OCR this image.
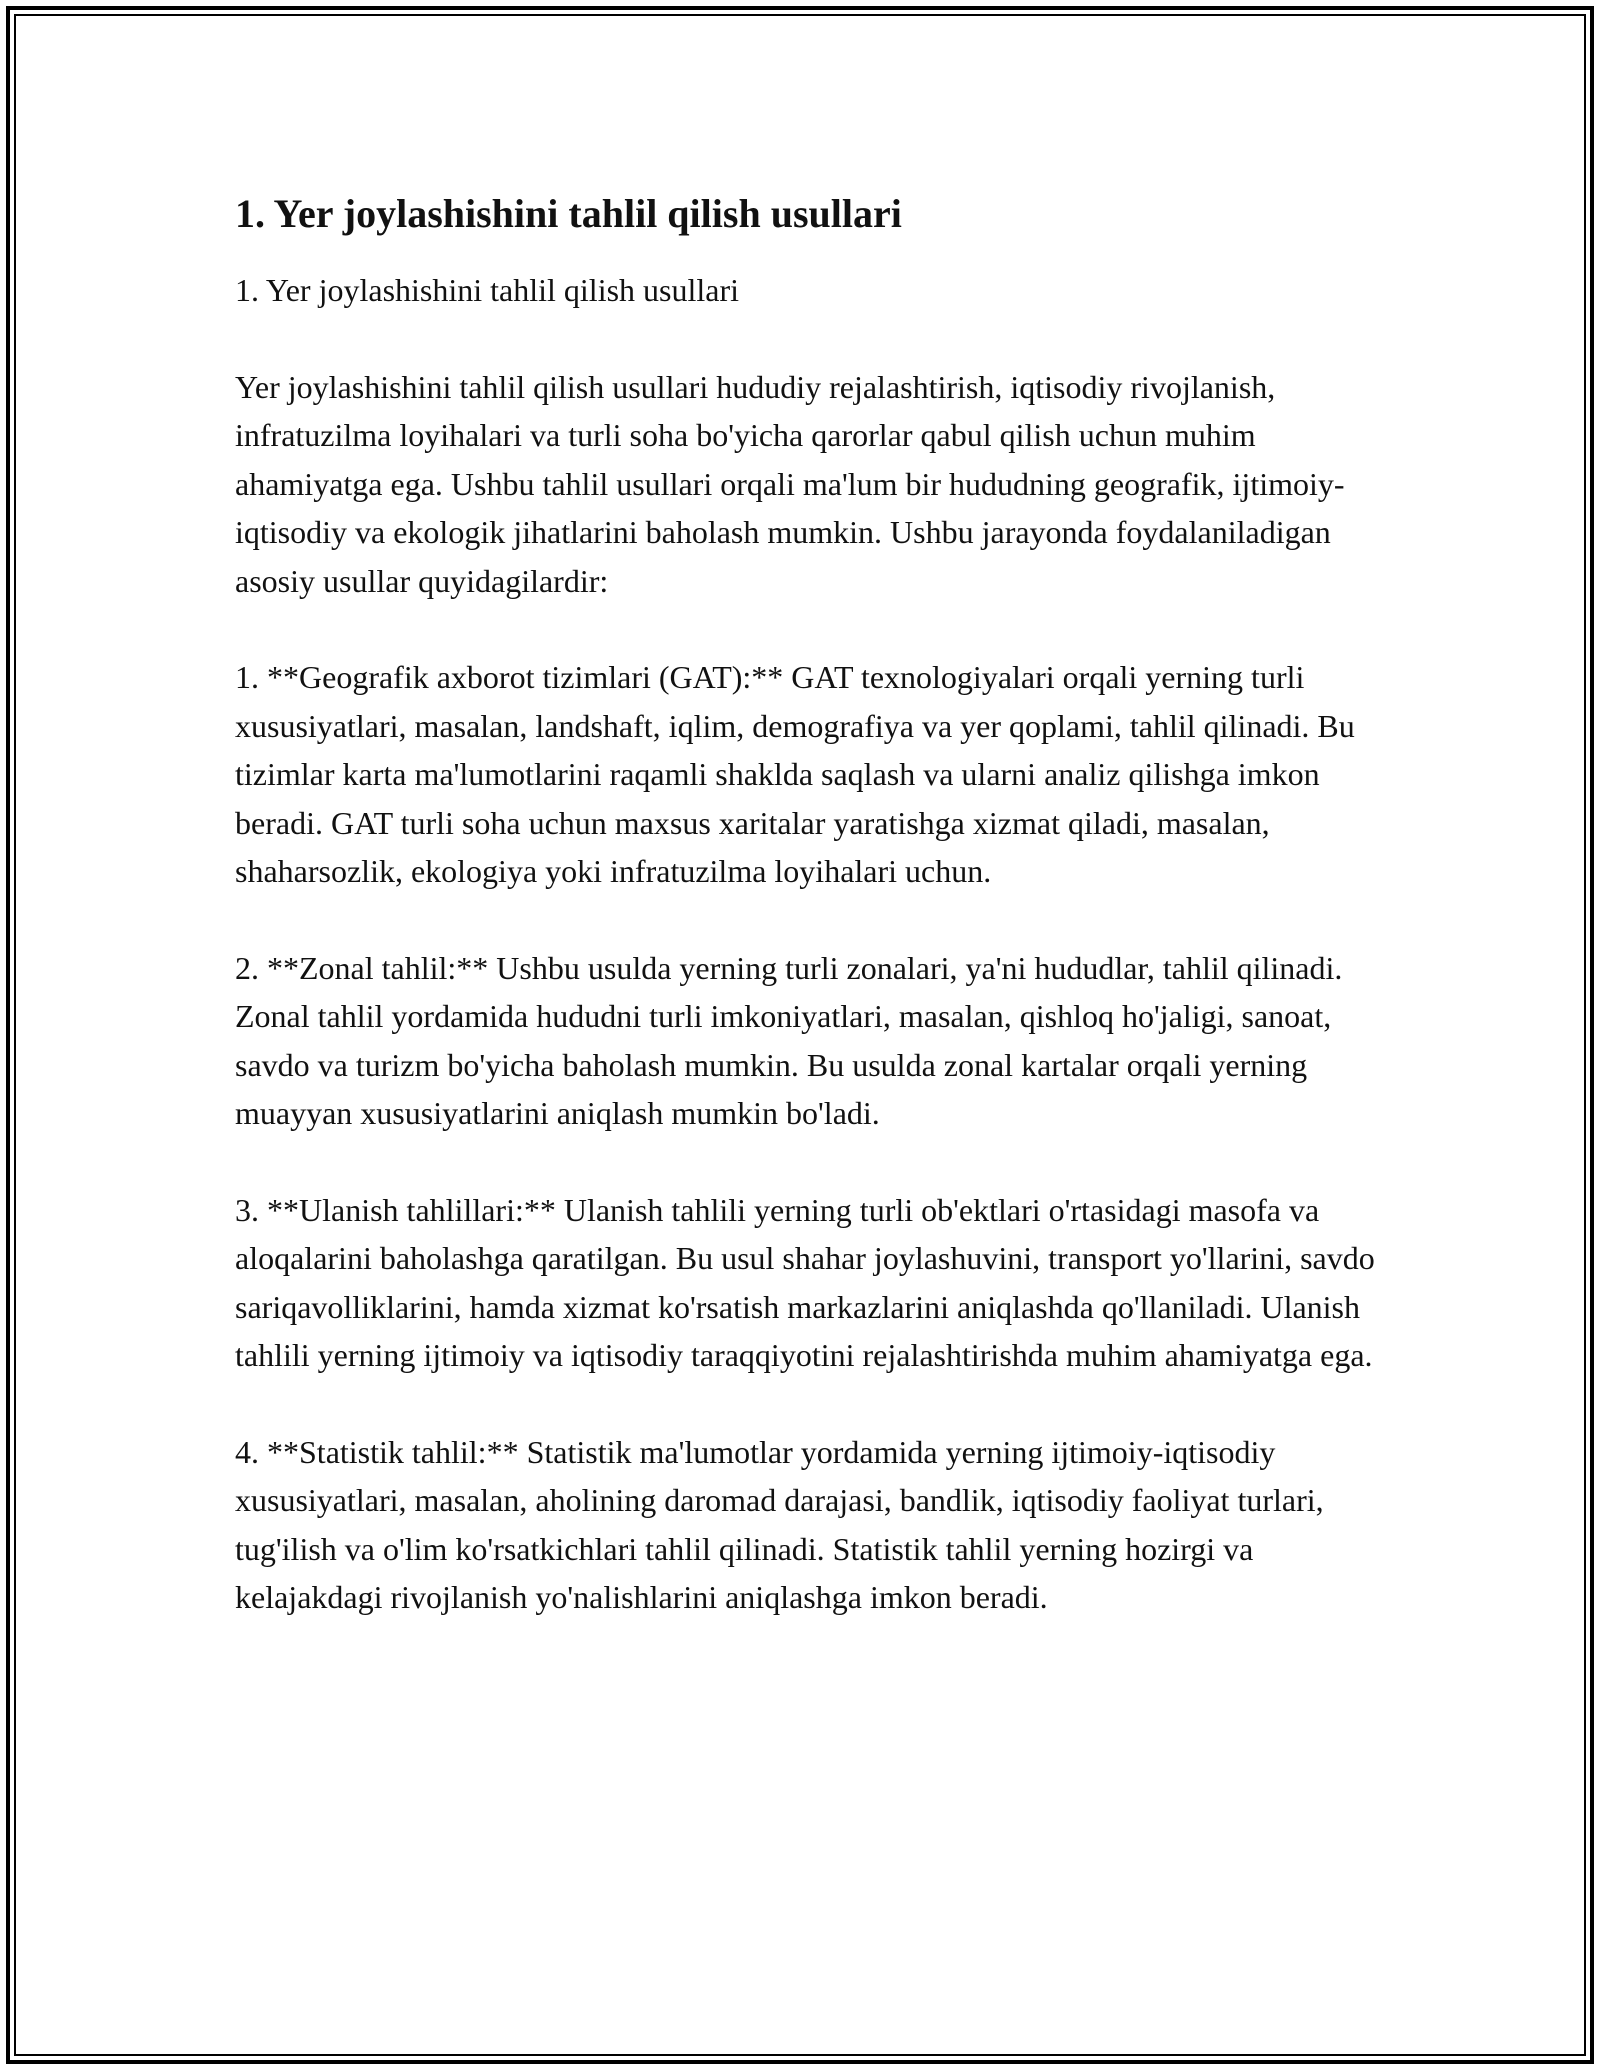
1. Yer joylashishini tahlil qilish usullari

1. Yer joylashishini tahlil qilish usullari

Yer joylashishini tahlil qilish usullari hududiy rejalashtirish, iqtisodiy rivojlanish, infratuzilma loyihalari va turli soha bo'yicha qarorlar qabul qilish uchun muhim ahamiyatga ega. Ushbu tahlil usullari orqali ma'lum bir hududning geografik, ijtimoiy-iqtisodiy va ekologik jihatlarini baholash mumkin. Ushbu jarayonda foydalaniladigan asosiy usullar quyidagilardir:

1. **Geografik axborot tizimlari (GAT):** GAT texnologiyalari orqali yerning turli xususiyatlari, masalan, landshaft, iqlim, demografiya va yer qoplami, tahlil qilinadi. Bu tizimlar karta ma'lumotlarini raqamli shaklda saqlash va ularni analiz qilishga imkon beradi. GAT turli soha uchun maxsus xaritalar yaratishga xizmat qiladi, masalan, shaharsozlik, ekologiya yoki infratuzilma loyihalari uchun.

2. **Zonal tahlil:** Ushbu usulda yerning turli zonalari, ya'ni hududlar, tahlil qilinadi. Zonal tahlil yordamida hududni turli imkoniyatlari, masalan, qishloq ho'jaligi, sanoat, savdo va turizm bo'yicha baholash mumkin. Bu usulda zonal kartalar orqali yerning muayyan xususiyatlarini aniqlash mumkin bo'ladi.

3. **Ulanish tahlillari:** Ulanish tahlili yerning turli ob'ektlari o'rtasidagi masofa va aloqalarini baholashga qaratilgan. Bu usul shahar joylashuvini, transport yo'llarini, savdo sariqavolliklarini, hamda xizmat ko'rsatish markazlarini aniqlashda qo'llaniladi. Ulanish tahlili yerning ijtimoiy va iqtisodiy taraqqiyotini rejalashtirishda muhim ahamiyatga ega.

4. **Statistik tahlil:** Statistik ma'lumotlar yordamida yerning ijtimoiy-iqtisodiy xususiyatlari, masalan, aholining daromad darajasi, bandlik, iqtisodiy faoliyat turlari, tug'ilish va o'lim ko'rsatkichlari tahlil qilinadi. Statistik tahlil yerning hozirgi va kelajakdagi rivojlanish yo'nalishlarini aniqlashga imkon beradi.
